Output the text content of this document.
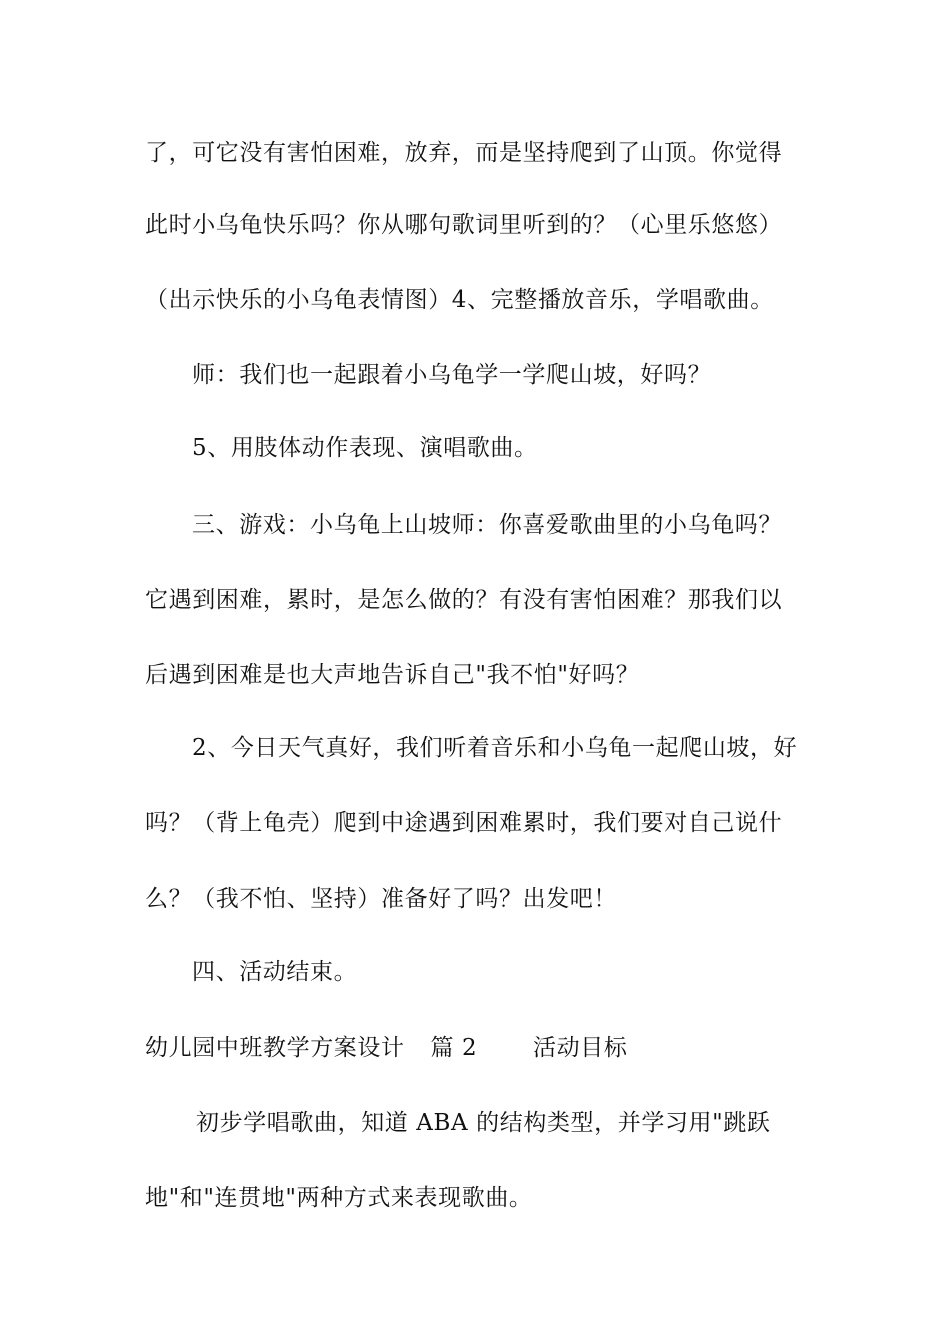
了，可它没有害怕困难，放弃，而是坚持爬到了山顶。你觉得
此时小乌龟快乐吗？你从哪句歌词里听到的？（心里乐悠悠）
（出示快乐的小乌龟表情图）4、完整播放音乐，学唱歌曲。
师：我们也一起跟着小乌龟学一学爬山坡，好吗？
5、用肢体动作表现、演唱歌曲。
三、游戏：小乌龟上山坡师：你喜爱歌曲里的小乌龟吗？
它遇到困难，累时，是怎么做的？有没有害怕困难？那我们以
后遇到困难是也大声地告诉自己"我不怕"好吗？
2、今日天气真好，我们听着音乐和小乌龟一起爬山坡，好
吗？（背上龟壳）爬到中途遇到困难累时，我们要对自己说什
么？（我不怕、坚持）准备好了吗？出发吧！
四、活动结束。
幼儿园中班教学方案设计 篇 2 活动目标
初步学唱歌曲，知道 ABA 的结构类型，并学习用"跳跃
地"和"连贯地"两种方式来表现歌曲。
